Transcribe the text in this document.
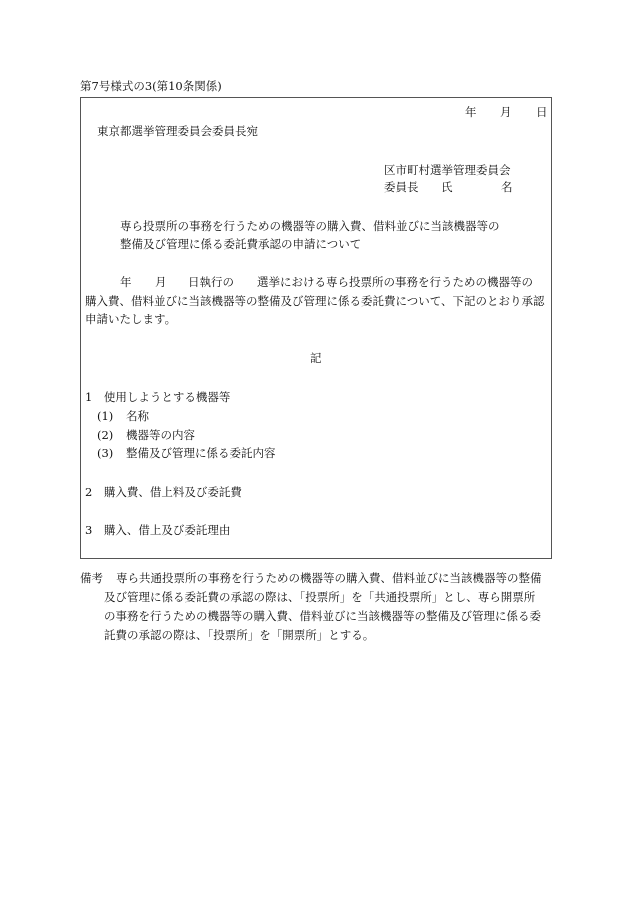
第7号様式の3(第10条関係)
年 月 日
東京都選挙管理委員会委員長宛
区市町村選挙管理委員会
委員長 氏	名
専ら投票所の事務を行うための機器等の購入費、借料並びに当該機器等の
整備及び管理に係る委託費承認の申請について
年 月 日執行の　　選挙における専ら投票所の事務を行うための機器等の
購入費、借料並びに当該機器等の整備及び管理に係る委託費について、下記のとおり承認
申請いたします。
記
1　使用しようとする機器等
(1) 名称
(2) 機器等の内容
(3) 整備及び管理に係る委託内容
2　購入費、借上料及び委託費
3　購入、借上及び委託理由
備考 専ら共通投票所の事務を行うための機器等の購入費、借料並びに当該機器等の整備
及び管理に係る委託費の承認の際は、「投票所」を「共通投票所」とし、専ら開票所
の事務を行うための機器等の購入費、借料並びに当該機器等の整備及び管理に係る委
託費の承認の際は、「投票所」を「開票所」とする。
